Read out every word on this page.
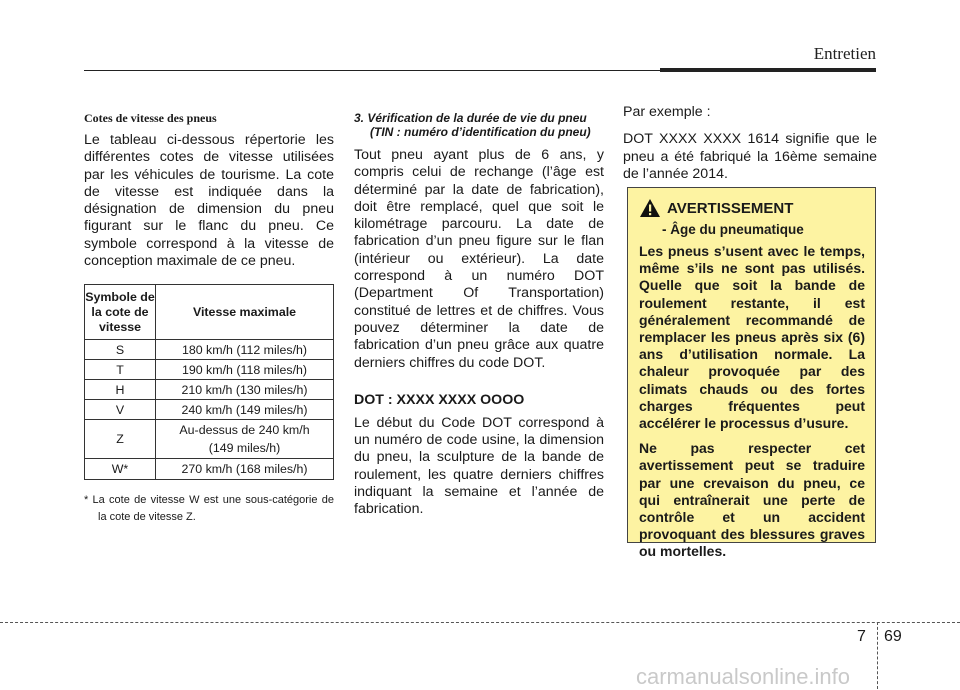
Entretien
Cotes de vitesse des pneus

Le tableau ci-dessous répertorie les différentes cotes de vitesse utilisées par les véhicules de tourisme. La cote de vitesse est indiquée dans la désignation de dimension du pneu figurant sur le flanc du pneu. Ce symbole correspond à la vitesse de conception maximale de ce pneu.

Symbole de la cote de vitesse	Vitesse maximale
S	180 km/h (112 miles/h)
T	190 km/h (118 miles/h)
H	210 km/h (130 miles/h)
V	240 km/h (149 miles/h)
Z	Au-dessus de 240 km/h
(149 miles/h)
W*	270 km/h (168 miles/h)
* La cote de vitesse W est une sous-catégorie de la cote de vitesse Z.
3. Vérification de la durée de vie du pneu (TIN : numéro d’identification du pneu)

Tout pneu ayant plus de 6 ans, y compris celui de rechange (l’âge est déterminé par la date de fabrication), doit être remplacé, quel que soit le kilométrage parcouru. La date de fabrication d’un pneu figure sur le flan (intérieur ou extérieur). La date correspond à un numéro DOT (Department Of Transportation) constitué de lettres et de chiffres. Vous pouvez déterminer la date de fabrication d’un pneu grâce aux quatre derniers chiffres du code DOT.

DOT : XXXX XXXX OOOO

Le début du Code DOT correspond à un numéro de code usine, la dimension du pneu, la sculpture de la bande de roulement, les quatre derniers chiffres indiquant la semaine et l’année de fabrication.

Par exemple :

DOT XXXX XXXX 1614 signifie que le pneu a été fabriqué la 16ème semaine de l’année 2014.

AVERTISSEMENT
- Âge du pneumatique

Les pneus s’usent avec le temps, même s’ils ne sont pas utilisés. Quelle que soit la bande de roulement restante, il est généralement recommandé de remplacer les pneus après six (6) ans d’utilisation normale. La chaleur provoquée par des climats chauds ou des fortes charges fréquentes peut accélérer le processus d’usure.

Ne pas respecter cet avertissement peut se traduire par une crevaison du pneu, ce qui entraînerait une perte de contrôle et un accident provoquant des blessures graves ou mortelles.

7 69
carmanualsonline.info
